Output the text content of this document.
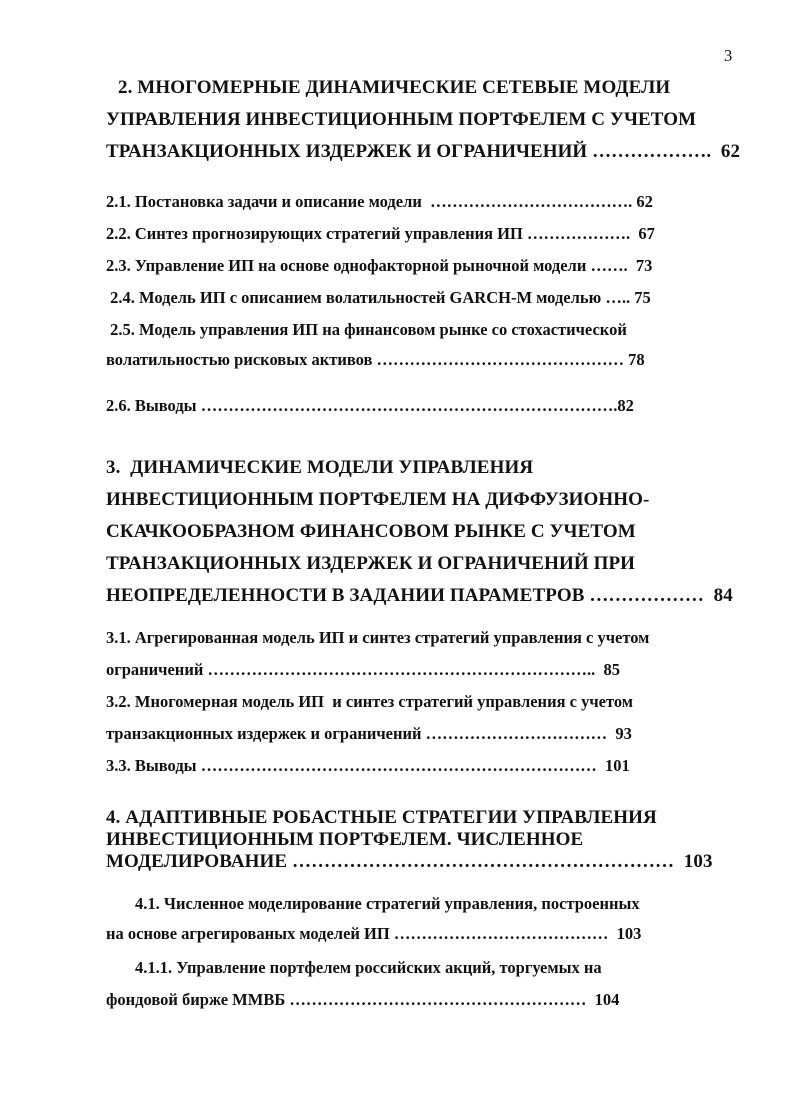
3
2. МНОГОМЕРНЫЕ ДИНАМИЧЕСКИЕ СЕТЕВЫЕ МОДЕЛИ
УПРАВЛЕНИЯ ИНВЕСТИЦИОННЫМ ПОРТФЕЛЕМ С УЧЕТОМ
ТРАНЗАКЦИОННЫХ ИЗДЕРЖЕК И ОГРАНИЧЕНИЙ ……………….  62
2.1. Постановка задачи и описание модели  ………………………………. 62
2.2. Синтез прогнозирующих стратегий управления ИП ……………….  67
2.3. Управление ИП на основе однофакторной рыночной модели …….  73
2.4. Модель ИП с описанием волатильностей GARCH-M моделью ….. 75
2.5. Модель управления ИП на финансовом рынке со стохастической
волатильностью рисковых активов ……………………………………… 78
2.6. Выводы ………………………………………………………………….82
3.  ДИНАМИЧЕСКИЕ МОДЕЛИ УПРАВЛЕНИЯ
ИНВЕСТИЦИОННЫМ ПОРТФЕЛЕМ НА ДИФФУЗИОННО-
СКАЧКООБРАЗНОМ ФИНАНСОВОМ РЫНКЕ С УЧЕТОМ
ТРАНЗАКЦИОННЫХ ИЗДЕРЖЕК И ОГРАНИЧЕНИЙ ПРИ
НЕОПРЕДЕЛЕННОСТИ В ЗАДАНИИ ПАРАМЕТРОВ ………………  84
3.1. Агрегированная модель ИП и синтез стратегий управления с учетом
ограничений ……………………………………………………………..  85
3.2. Многомерная модель ИП  и синтез стратегий управления с учетом
транзакционных издержек и ограничений ……………………………  93
3.3. Выводы ………………………………………………………………  101
4. АДАПТИВНЫЕ РОБАСТНЫЕ СТРАТЕГИИ УПРАВЛЕНИЯ
ИНВЕСТИЦИОННЫМ ПОРТФЕЛЕМ. ЧИСЛЕННОЕ
МОДЕЛИРОВАНИЕ ……………………………………………………  103
4.1. Численное моделирование стратегий управления, построенных
на основе агрегированых моделей ИП …………………………………  103
4.1.1. Управление портфелем российских акций, торгуемых на
фондовой бирже ММВБ ………………………………………………  104
